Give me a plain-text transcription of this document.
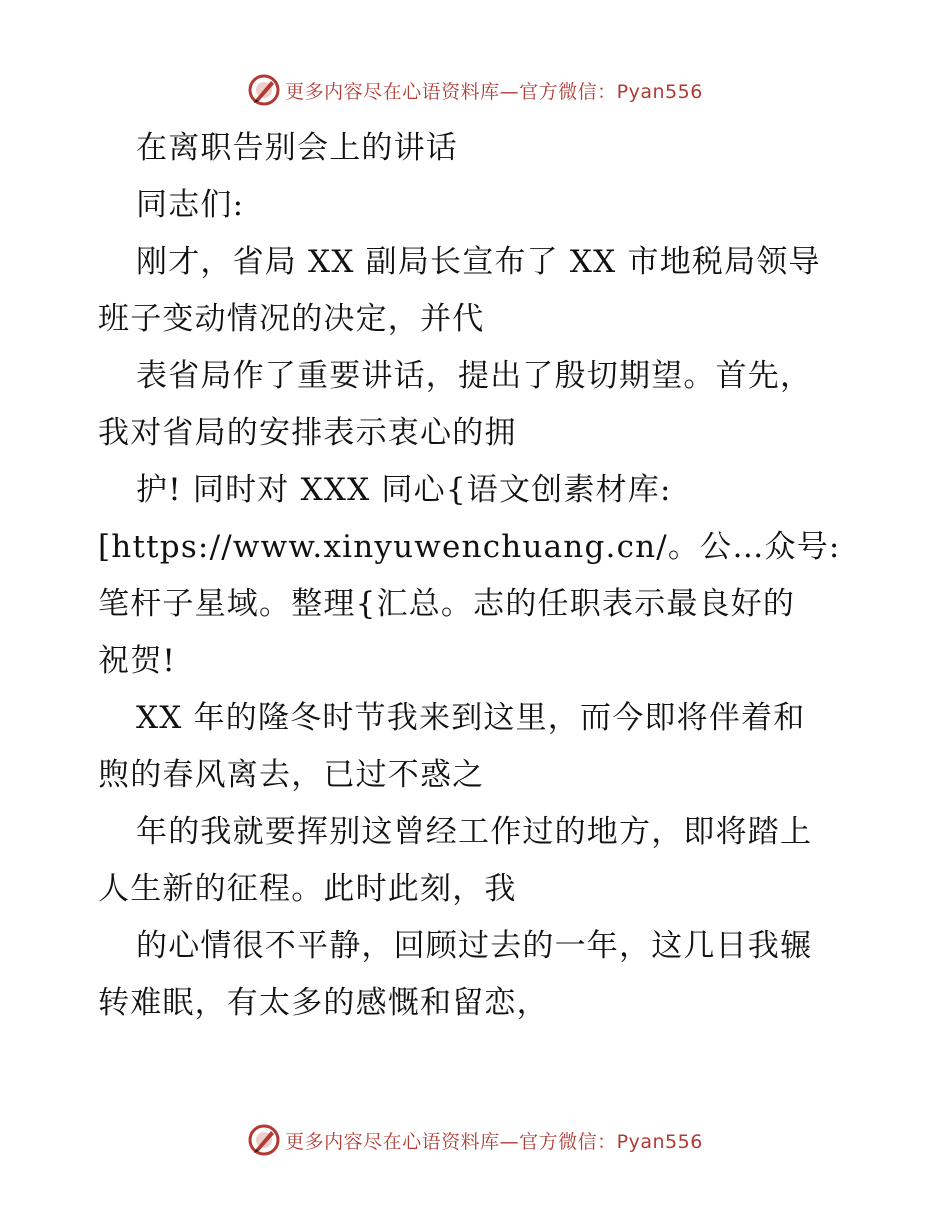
更多内容尽在心语资料库—官方微信：Pyan556
在离职告别会上的讲话
同志们:
刚才，省局 XX 副局长宣布了 XX 市地税局领导
班子变动情况的决定，并代
表省局作了重要讲话，提出了殷切期望。首先，
我对省局的安排表示衷心的拥
护! 同时对 XXX 同心{语文创素材库:
[https://www.xinyuwenchuang.cn/。公…众号:
笔杆子星域。整理{汇总。志的任职表示最良好的
祝贺!
XX 年的隆冬时节我来到这里，而今即将伴着和
煦的春风离去，已过不惑之
年的我就要挥别这曾经工作过的地方，即将踏上
人生新的征程。此时此刻，我
的心情很不平静，回顾过去的一年，这几日我辗
转难眠，有太多的感慨和留恋，
更多内容尽在心语资料库—官方微信：Pyan556
